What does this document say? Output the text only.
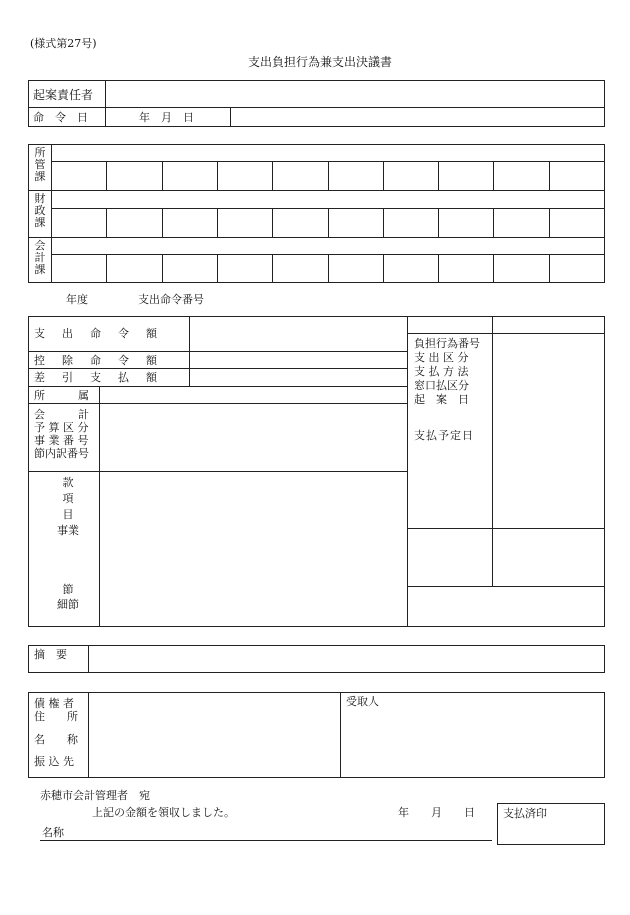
(様式第27号)
支出負担行為兼支出決議書
起案責任者
命　令　日	年　月　日
所
管
課
財
政
課
会
計
課
年度	支出命令番号
支　出　命　令　額
控　除　命　令　額
差　引　支　払　額
所　　　属
会　　　計
予 算 区 分
事 業 番 号
節内訳番号
款
項
目
事業
節
細節
負担行為番号
支 出 区 分
支 払 方 法
窓口払区分
起　案　日
支払予定日
摘　要
債 権 者
住　　所
名　　称
振 込 先
受取人
赤穂市会計管理者　宛
上記の金額を領収しました。	年　　月　　日
名称
支払済印
